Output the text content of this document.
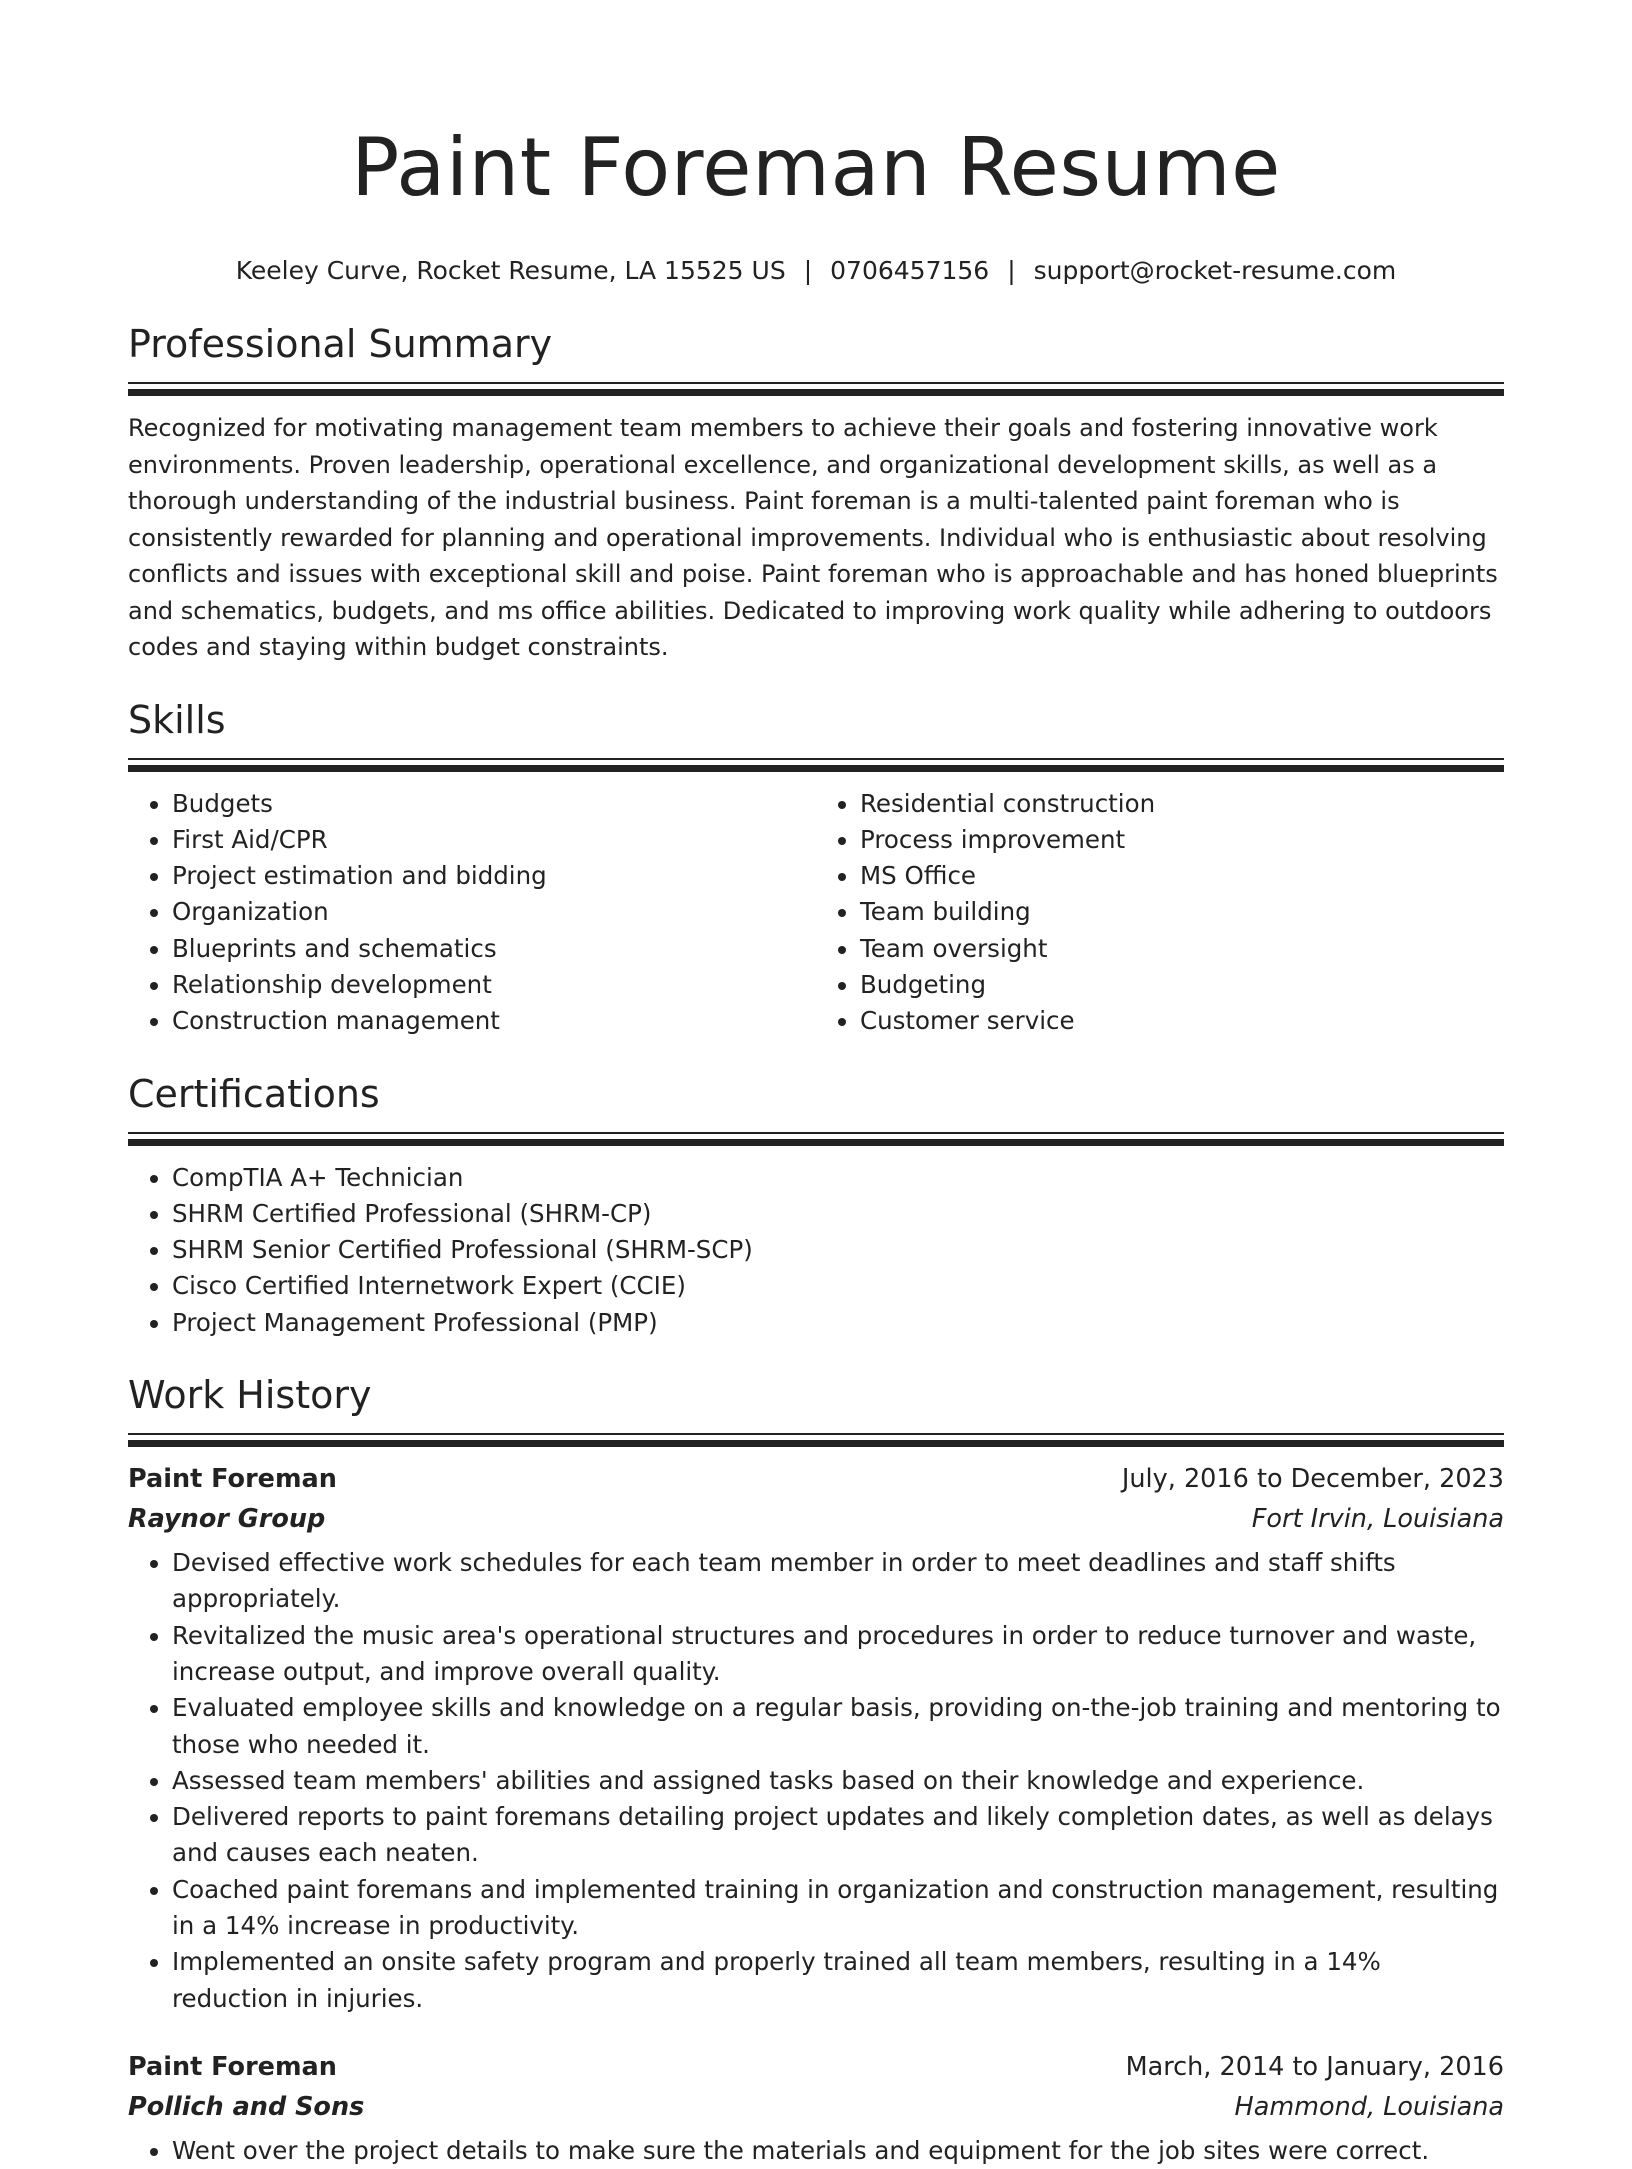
Paint Foreman Resume
Keeley Curve, Rocket Resume, LA 15525 US | 0706457156 | support@rocket-resume.com
Professional Summary

Recognized for motivating management team members to achieve their goals and fostering innovative work environments. Proven leadership, operational excellence, and organizational development skills, as well as a thorough understanding of the industrial business. Paint foreman is a multi-talented paint foreman who is consistently rewarded for planning and operational improvements. Individual who is enthusiastic about resolving conflicts and issues with exceptional skill and poise. Paint foreman who is approachable and has honed blueprints and schematics, budgets, and ms office abilities. Dedicated to improving work quality while adhering to outdoors codes and staying within budget constraints.

Skills
• Budgets
• First Aid/CPR
• Project estimation and bidding
• Organization
• Blueprints and schematics
• Relationship development
• Construction management
• Residential construction
• Process improvement
• MS Office
• Team building
• Team oversight
• Budgeting
• Customer service
Certifications
• CompTIA A+ Technician
• SHRM Certified Professional (SHRM-CP)
• SHRM Senior Certified Professional (SHRM-SCP)
• Cisco Certified Internetwork Expert (CCIE)
• Project Management Professional (PMP)
Work History
Paint Foreman	July, 2016 to December, 2023
Raynor Group	Fort Irvin, Louisiana
• Devised effective work schedules for each team member in order to meet deadlines and staff shifts appropriately.
• Revitalized the music area's operational structures and procedures in order to reduce turnover and waste, increase output, and improve overall quality.
• Evaluated employee skills and knowledge on a regular basis, providing on-the-job training and mentoring to those who needed it.
• Assessed team members' abilities and assigned tasks based on their knowledge and experience.
• Delivered reports to paint foremans detailing project updates and likely completion dates, as well as delays and causes each neaten.
• Coached paint foremans and implemented training in organization and construction management, resulting in a 14% increase in productivity.
• Implemented an onsite safety program and properly trained all team members, resulting in a 14% reduction in injuries.
Paint Foreman	March, 2014 to January, 2016
Pollich and Sons	Hammond, Louisiana
• Went over the project details to make sure the materials and equipment for the job sites were correct.
